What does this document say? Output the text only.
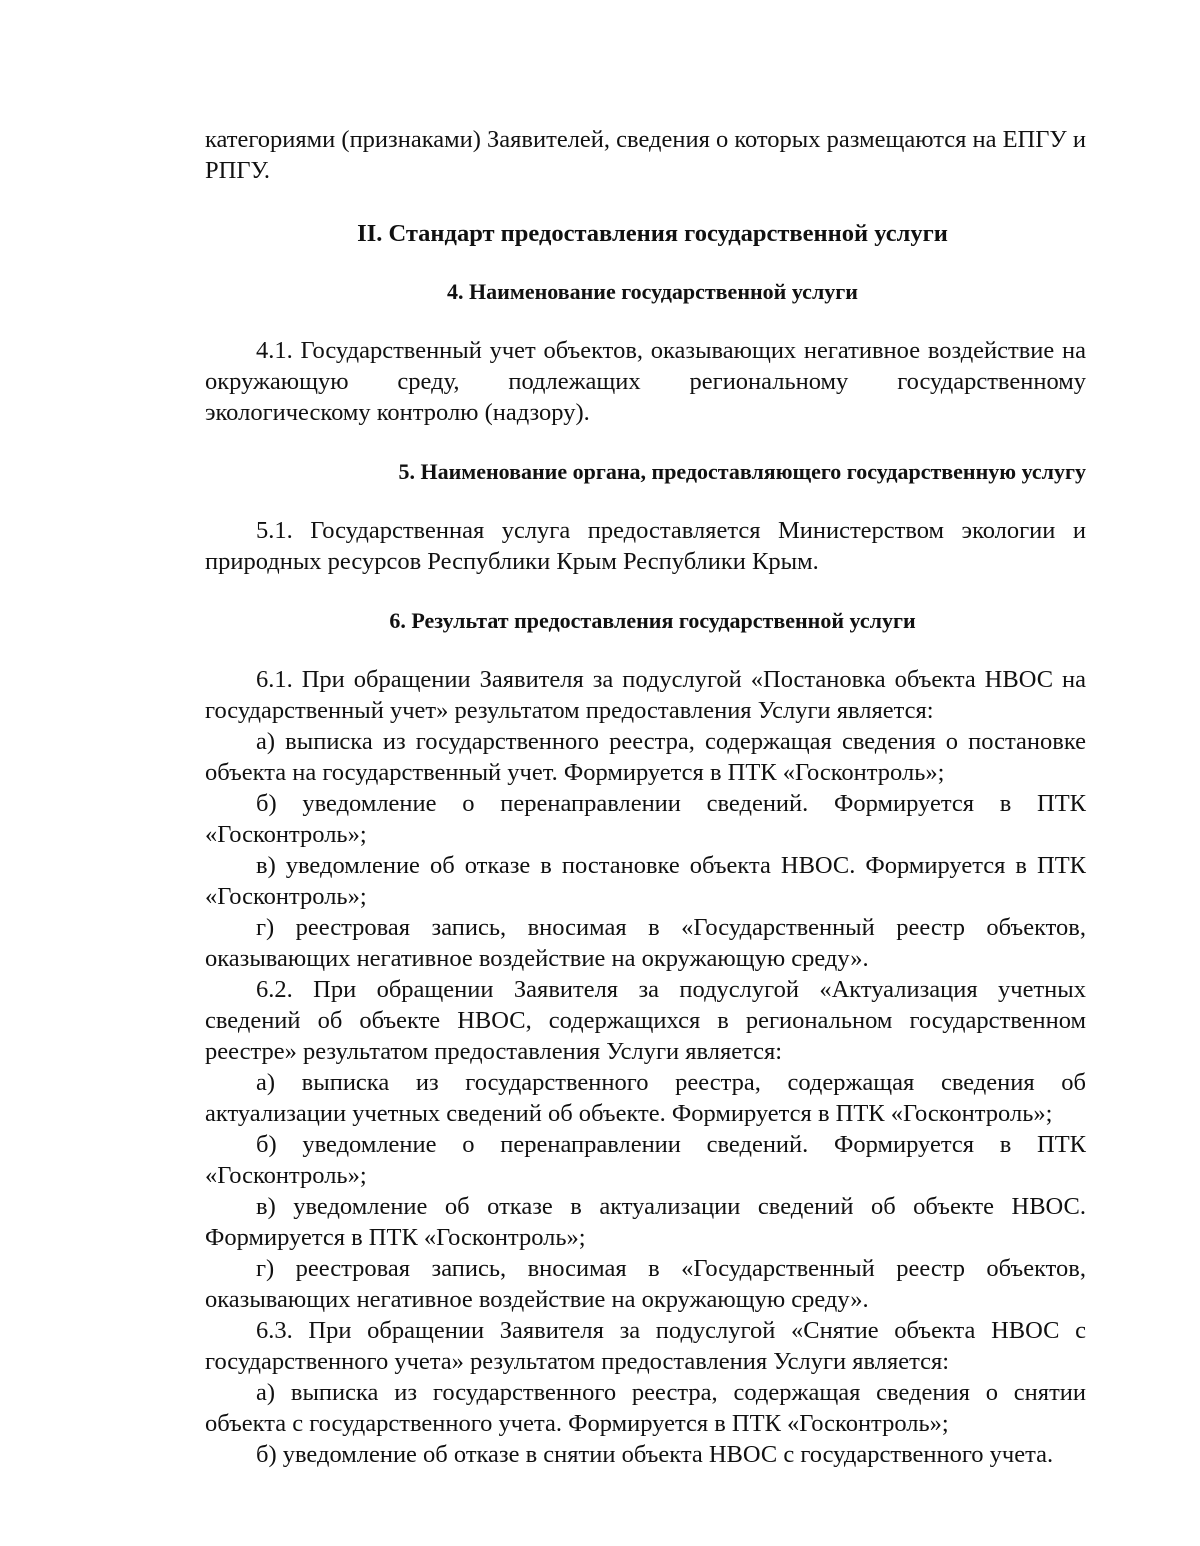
категориями (признаками) Заявителей, сведения о которых размещаются на ЕПГУ и РПГУ.

II. Стандарт предоставления государственной услуги
4. Наименование государственной услуги

4.1. Государственный учет объектов, оказывающих негативное воздействие на окружающую среду, подлежащих региональному государственному экологическому контролю (надзору).

5. Наименование органа, предоставляющего государственную услугу

5.1. Государственная услуга предоставляется Министерством экологии и природных ресурсов Республики Крым Республики Крым.

6. Результат предоставления государственной услуги

6.1. При обращении Заявителя за подуслугой «Постановка объекта НВОС на государственный учет» результатом предоставления Услуги является:

а) выписка из государственного реестра, содержащая сведения о постановке объекта на государственный учет. Формируется в ПТК «Госконтроль»;

б) уведомление о перенаправлении сведений. Формируется в ПТК «Госконтроль»;

в) уведомление об отказе в постановке объекта НВОС. Формируется в ПТК «Госконтроль»;

г) реестровая запись, вносимая в «Государственный реестр объектов, оказывающих негативное воздействие на окружающую среду».

6.2. При обращении Заявителя за подуслугой «Актуализация учетных сведений об объекте НВОС, содержащихся в региональном государственном реестре» результатом предоставления Услуги является:

а) выписка из государственного реестра, содержащая сведения об актуализации учетных сведений об объекте. Формируется в ПТК «Госконтроль»;

б) уведомление о перенаправлении сведений. Формируется в ПТК «Госконтроль»;

в) уведомление об отказе в актуализации сведений об объекте НВОС. Формируется в ПТК «Госконтроль»;

г) реестровая запись, вносимая в «Государственный реестр объектов, оказывающих негативное воздействие на окружающую среду».

6.3. При обращении Заявителя за подуслугой «Снятие объекта НВОС с государственного учета» результатом предоставления Услуги является:

а) выписка из государственного реестра, содержащая сведения о снятии объекта с государственного учета. Формируется в ПТК «Госконтроль»;

б) уведомление об отказе в снятии объекта НВОС с государственного учета.
